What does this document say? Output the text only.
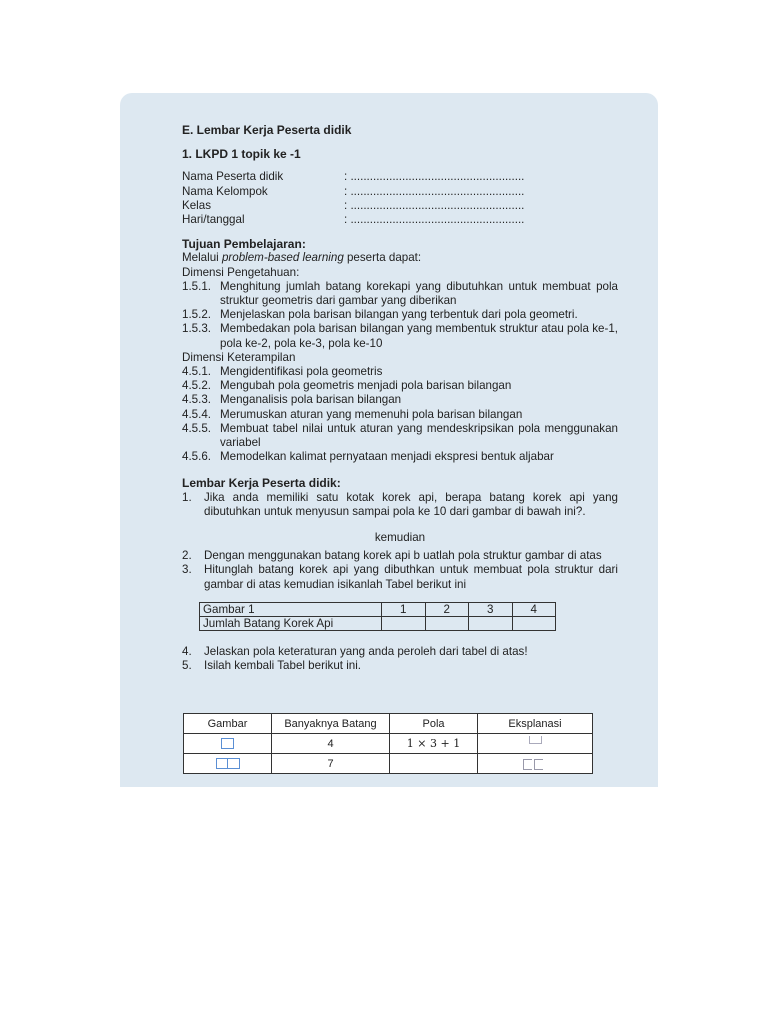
E. Lembar Kerja Peserta didik
1. LKPD 1 topik ke -1
Nama Peserta didik	: ......................................................
Nama Kelompok	: ......................................................
Kelas	: ......................................................
Hari/tanggal	: ......................................................
Tujuan Pembelajaran:
Melalui problem-based learning peserta dapat:
Dimensi Pengetahuan:
1.5.1. Menghitung jumlah batang korekapi yang dibutuhkan untuk membuat pola struktur geometris dari gambar yang diberikan
1.5.2. Menjelaskan pola barisan bilangan yang terbentuk dari pola geometri.
1.5.3. Membedakan pola barisan bilangan yang membentuk struktur atau pola ke-1, pola ke-2, pola ke-3, pola ke-10
Dimensi Keterampilan
4.5.1. Mengidentifikasi pola geometris
4.5.2. Mengubah pola geometris menjadi pola barisan bilangan
4.5.3. Menganalisis pola barisan bilangan
4.5.4. Merumuskan aturan yang memenuhi pola barisan bilangan
4.5.5. Membuat tabel nilai untuk aturan yang mendeskripsikan pola menggunakan variabel
4.5.6. Memodelkan kalimat pernyataan menjadi ekspresi bentuk aljabar
Lembar Kerja Peserta didik:
1.	Jika anda memiliki satu kotak korek api, berapa batang korek api yang dibutuhkan untuk menyusun sampai pola ke 10 dari gambar di bawah ini?.
kemudian
2.	Dengan menggunakan batang korek api b uatlah pola struktur gambar di atas
3.	Hitunglah batang korek api yang dibuthkan untuk membuat pola struktur dari gambar di atas kemudian isikanlah Tabel berikut ini
Gambar 1	1	2	3	4
Jumlah Batang Korek Api				
4.	Jelaskan pola keteraturan yang anda peroleh dari tabel di atas!
5.	Isilah kembali Tabel berikut ini.
Gambar	Banyaknya Batang	Pola	Eksplanasi
	4	1 × 3 + 1	
	7		
